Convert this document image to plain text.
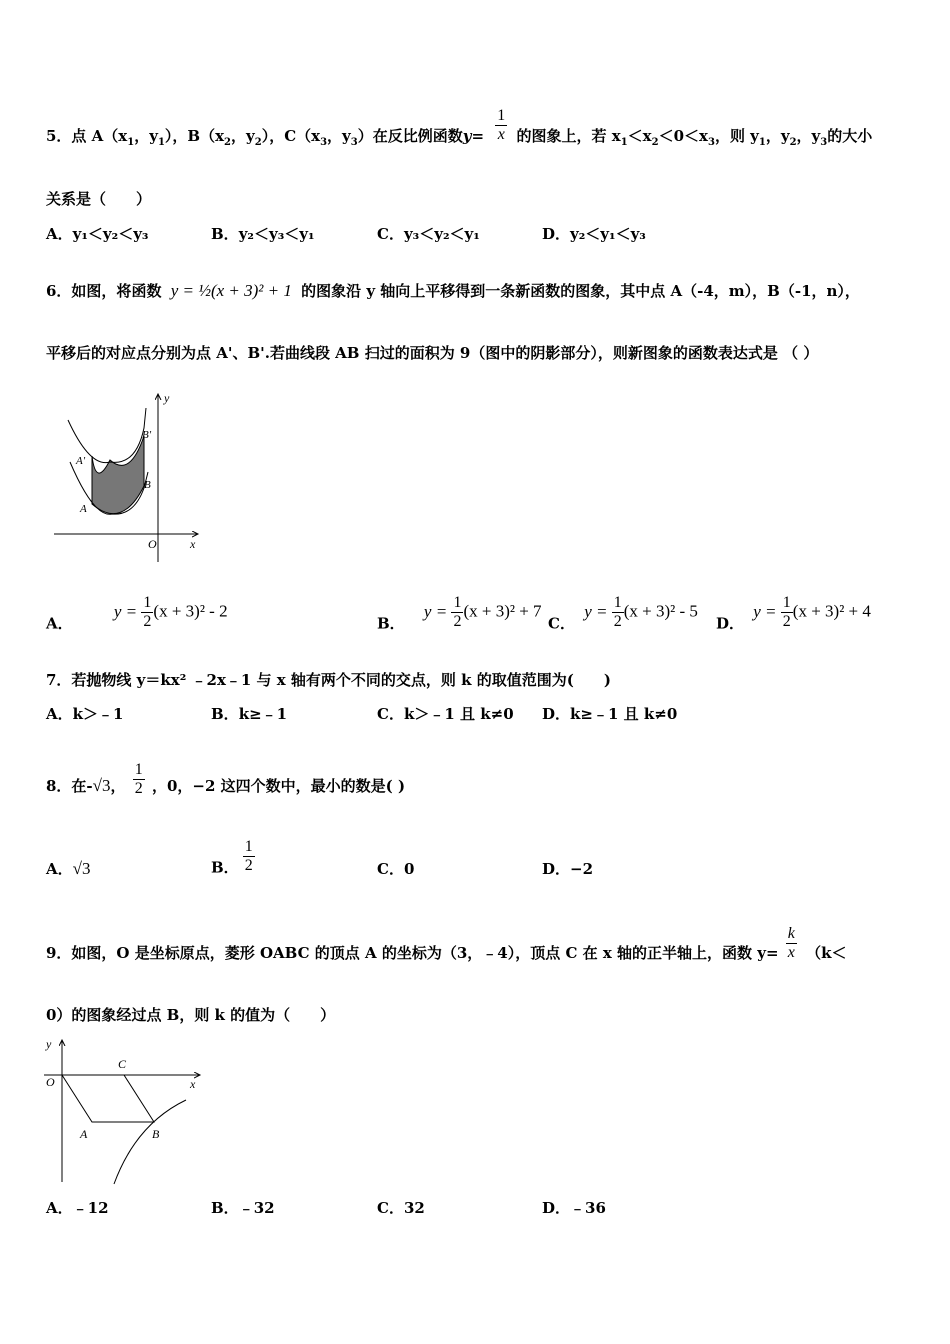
5．点 $A(x_1$，$y_1$），$B(x_2$，$y_2$），$C(x_3$，$y_3$）在反比例函数$y= \frac{1}{x}$ 的图象上，若 $x_1<x_2<0<x_3$，则 $y_1$，$y_2$，$y_3$的大小
关系是（　　）
A．y₁＜y₂＜y₃	B．y₂＜y₃＜y₁	C．y₃＜y₂＜y₁	D．y₂＜y₁＜y₃
6．如图，将函数 y = ½(x + 3)² + 1 的图象沿 y 轴向上平移得到一条新函数的图象，其中点 A（-4，m），B（-1，n），
平移后的对应点分别为点 A'、B'.若曲线段 AB 扫过的面积为 9（图中的阴影部分），则新图象的函数表达式是 （ ）
y
B'
A'
B
A
O	x
A． $y = \frac{1}{2} (x + 3)^2 - 2$
B． $y = \frac{1}{2} (x + 3)^2 + 7$
C． $y = \frac{1}{2} (x + 3)^2 - 5$
D． $y = \frac{1}{2} (x + 3)^2 + 4$
7．若抛物线 y＝kx² ﹣2x﹣1 与 x 轴有两个不同的交点，则 k 的取值范围为(　　)
A．k＞﹣1	B．k≥﹣1	C．k＞﹣1 且 k≠0 D．k≥﹣1 且 k≠0
8．在-√3， $\frac{1}{2}$ ，0，−2 这四个数中，最小的数是( )
A．√3	B． $\frac{1}{2}$	C．0	D．−2
9．如图，O 是坐标原点，菱形 OABC 的顶点 A 的坐标为（3，﹣4），顶点 C 在 x 轴的正半轴上，函数 $y= \frac{k}{x} (k<$
0）的图象经过点 B，则 k 的值为（　　）
y
C
O	x
A	B
A．﹣12	B．﹣32	C．32	D．﹣36
